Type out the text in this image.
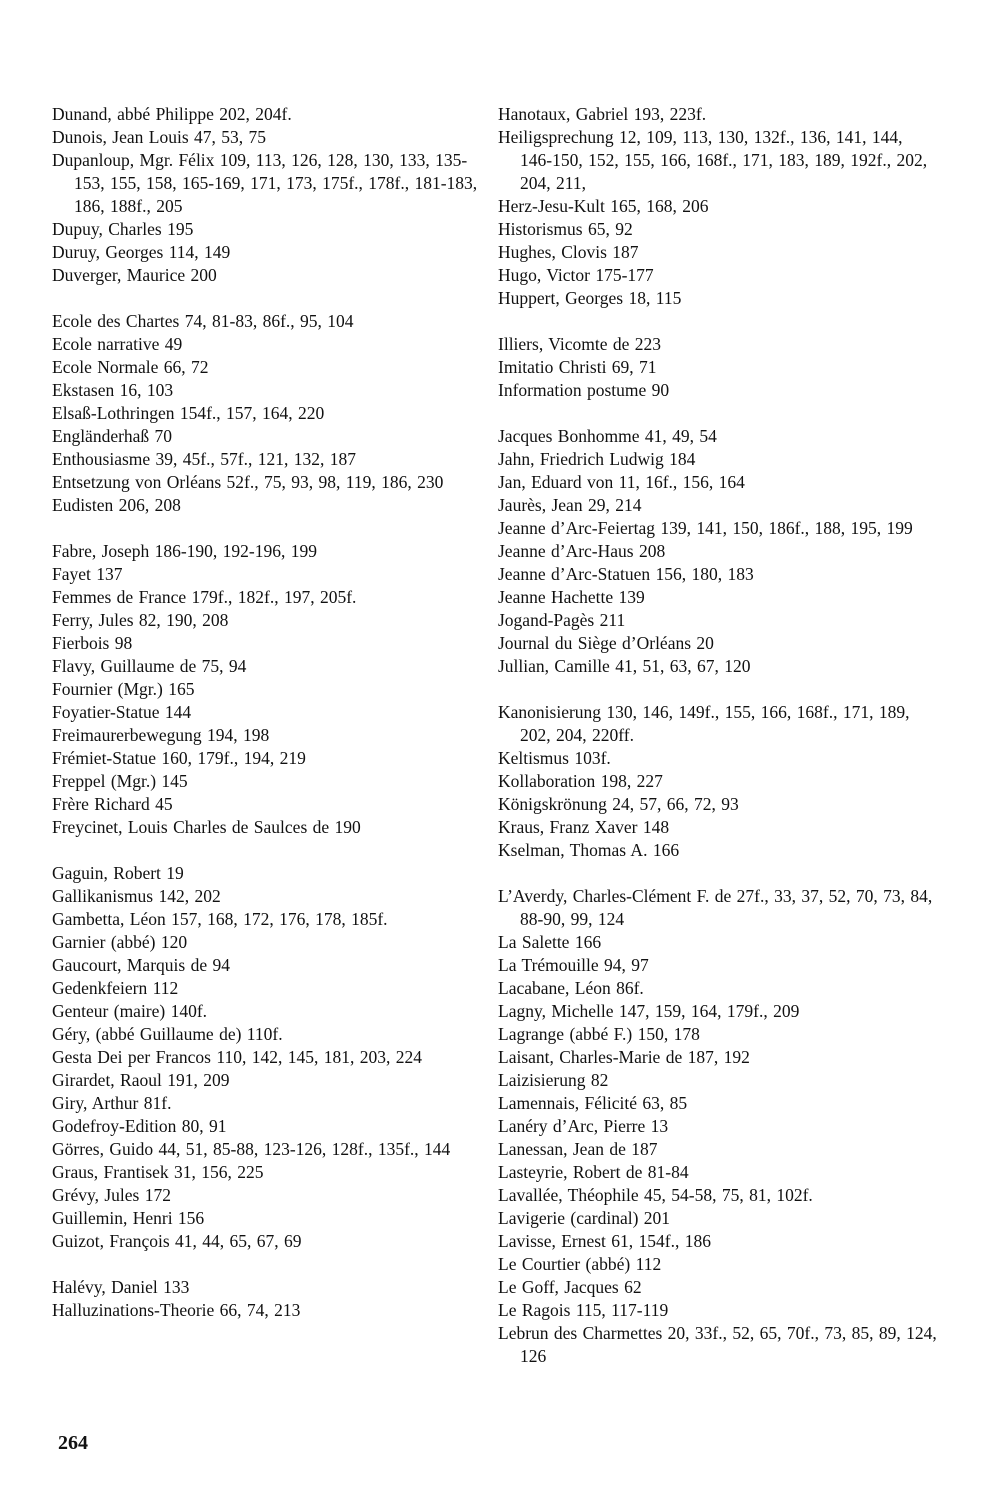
Dunand, abbé Philippe 202, 204f.
Dunois, Jean Louis 47, 53, 75
Dupanloup, Mgr. Félix 109, 113, 126, 128, 130, 133, 135-153, 155, 158, 165-169, 171, 173, 175f., 178f., 181-183, 186, 188f., 205
Dupuy, Charles 195
Duruy, Georges 114, 149
Duverger, Maurice 200
Ecole des Chartes 74, 81-83, 86f., 95, 104
Ecole narrative 49
Ecole Normale 66, 72
Ekstasen 16, 103
Elsaß-Lothringen 154f., 157, 164, 220
Engländerhaß 70
Enthousiasme 39, 45f., 57f., 121, 132, 187
Entsetzung von Orléans 52f., 75, 93, 98, 119, 186, 230
Eudisten 206, 208
Fabre, Joseph 186-190, 192-196, 199
Fayet 137
Femmes de France 179f., 182f., 197, 205f.
Ferry, Jules 82, 190, 208
Fierbois 98
Flavy, Guillaume de 75, 94
Fournier (Mgr.) 165
Foyatier-Statue 144
Freimaurerbewegung 194, 198
Frémiet-Statue 160, 179f., 194, 219
Freppel (Mgr.) 145
Frère Richard 45
Freycinet, Louis Charles de Saulces de 190
Gaguin, Robert 19
Gallikanismus 142, 202
Gambetta, Léon 157, 168, 172, 176, 178, 185f.
Garnier (abbé) 120
Gaucourt, Marquis de 94
Gedenkfeiern 112
Genteur (maire) 140f.
Géry, (abbé Guillaume de) 110f.
Gesta Dei per Francos 110, 142, 145, 181, 203, 224
Girardet, Raoul 191, 209
Giry, Arthur 81f.
Godefroy-Edition 80, 91
Görres, Guido 44, 51, 85-88, 123-126, 128f., 135f., 144
Graus, Frantisek 31, 156, 225
Grévy, Jules 172
Guillemin, Henri 156
Guizot, François 41, 44, 65, 67, 69
Halévy, Daniel 133
Halluzinations-Theorie 66, 74, 213
Hanotaux, Gabriel 193, 223f.
Heiligsprechung 12, 109, 113, 130, 132f., 136, 141, 144, 146-150, 152, 155, 166, 168f., 171, 183, 189, 192f., 202, 204, 211,
Herz-Jesu-Kult 165, 168, 206
Historismus 65, 92
Hughes, Clovis 187
Hugo, Victor 175-177
Huppert, Georges 18, 115
Illiers, Vicomte de 223
Imitatio Christi 69, 71
Information postume 90
Jacques Bonhomme 41, 49, 54
Jahn, Friedrich Ludwig 184
Jan, Eduard von 11, 16f., 156, 164
Jaurès, Jean 29, 214
Jeanne d’Arc-Feiertag 139, 141, 150, 186f., 188, 195, 199
Jeanne d’Arc-Haus 208
Jeanne d’Arc-Statuen 156, 180, 183
Jeanne Hachette 139
Jogand-Pagès 211
Journal du Siège d’Orléans 20
Jullian, Camille 41, 51, 63, 67, 120
Kanonisierung 130, 146, 149f., 155, 166, 168f., 171, 189, 202, 204, 220ff.
Keltismus 103f.
Kollaboration 198, 227
Königskrönung 24, 57, 66, 72, 93
Kraus, Franz Xaver 148
Kselman, Thomas A. 166
L’Averdy, Charles-Clément F. de 27f., 33, 37, 52, 70, 73, 84, 88-90, 99, 124
La Salette 166
La Trémouille 94, 97
Lacabane, Léon 86f.
Lagny, Michelle 147, 159, 164, 179f., 209
Lagrange (abbé F.) 150, 178
Laisant, Charles-Marie de 187, 192
Laizisierung 82
Lamennais, Félicité 63, 85
Lanéry d’Arc, Pierre 13
Lanessan, Jean de 187
Lasteyrie, Robert de 81-84
Lavallée, Théophile 45, 54-58, 75, 81, 102f.
Lavigerie (cardinal) 201
Lavisse, Ernest 61, 154f., 186
Le Courtier (abbé) 112
Le Goff, Jacques 62
Le Ragois 115, 117-119
Lebrun des Charmettes 20, 33f., 52, 65, 70f., 73, 85, 89, 124, 126
264
